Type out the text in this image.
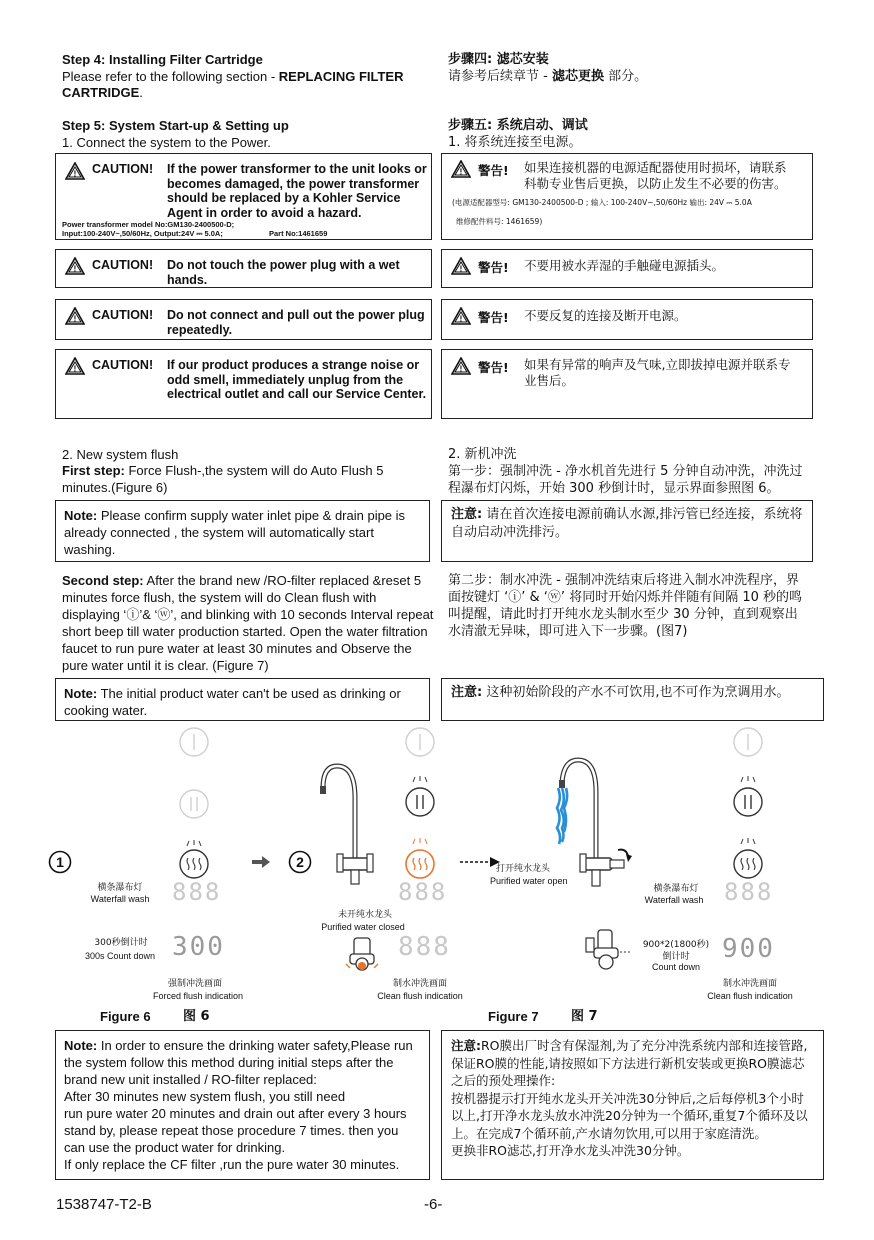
Step 4: Installing Filter Cartridge
Please refer to the following section - REPLACING FILTER CARTRIDGE.
Step 5: System Start-up & Setting up
1. Connect the system to the Power.
! CAUTION! If the power transformer to the unit looks or becomes damaged, the power transformer should be replaced by a Kohler Service Agent in order to avoid a hazard.
Power transformer model No:GM130-2400500-D;
Input:100-240V~,50/60Hz, Output:24V ⎓ 5.0A;	Part No:1461659
! CAUTION! Do not touch the power plug with a wet hands.
! CAUTION! Do not connect and pull out the power plug repeatedly.
! CAUTION! If our product produces a strange noise or odd smell, immediately unplug from the electrical outlet and call our Service Center.
2. New system flush
First step: Force Flush-,the system will do Auto Flush 5 minutes.(Figure 6)
Note: Please confirm supply water inlet pipe & drain pipe is already connected , the system will automatically start washing.
Second step: After the brand new /RO-filter replaced &reset 5 minutes force flush, the system will do Clean flush with displaying ‘ⓘ’& ‘ⓦ’, and blinking with 10 seconds Interval repeat short beep till water production started. Open the water filtration faucet to run pure water at least 30 minutes and Observe the pure water until it is clear. (Figure 7)
Note: The initial product water can't be used as drinking or cooking water.
步骤四: 滤芯安装
请参考后续章节 - 滤芯更换 部分。
步骤五: 系统启动、调试
1. 将系统连接至电源。
! 警告! 如果连接机器的电源适配器使用时损坏，请联系科勒专业售后更换，以防止发生不必要的伤害。
(电源适配器型号: GM130-2400500-D ; 输入: 100-240V~,50/60Hz 输出: 24V ⎓ 5.0A
维修配件料号: 1461659)
! 警告! 不要用被水弄湿的手触碰电源插头。
! 警告! 不要反复的连接及断开电源。
! 警告! 如果有异常的响声及气味,立即拔掉电源并联系专业售后。
2. 新机冲洗
第一步：强制冲洗 - 净水机首先进行 5 分钟自动冲洗，冲洗过程瀑布灯闪烁，开始 300 秒倒计时，显示界面参照图 6。
注意: 请在首次连接电源前确认水源,排污管已经连接，系统将自动启动冲洗排污。
第二步：制水冲洗 - 强制冲洗结束后将进入制水冲洗程序，界面按键灯 ‘ⓘ’ & ‘ⓦ’ 将同时开始闪烁并伴随有间隔 10 秒的鸣叫提醒，请此时打开纯水龙头制水至少 30 分钟，直到观察出水清澈无异味，即可进入下一步骤。(图7)
注意: 这种初始阶段的产水不可饮用,也不可作为烹调用水。
1
横条瀑布灯
Waterfall wash 888
300秒倒计时
300s Count down 300
强制冲洗画面
Forced flush indication
2
未开纯水龙头
Purified water closed
888
888
制水冲洗画面
Clean flush indication
打开纯水龙头
Purified water open
900*2(1800秒)
倒计时
Count down
900
横条瀑布灯
Waterfall wash 888
制水冲洗画面
Clean flush indication
Figure 6 图 6	Figure 7 图 7
Note: In order to ensure the drinking water safety,Please run the system follow this method during initial steps after the brand new unit installed / RO-filter replaced:
After 30 minutes new system flush, you still need
run pure water 20 minutes and drain out after every 3 hours stand by, please repeat those procedure 7 times. then you can use the product water for drinking.
If only replace the CF filter ,run the pure water 30 minutes.
注意:RO膜出厂时含有保湿剂,为了充分冲洗系统内部和连接管路,保证RO膜的性能,请按照如下方法进行新机安装或更换RO膜滤芯之后的预处理操作:
按机器提示打开纯水龙头开关冲洗30分钟后,之后每停机3个小时以上,打开净水龙头放水冲洗20分钟为一个循环,重复7个循环及以上。在完成7个循环前,产水请勿饮用,可以用于家庭清洗。
更换非RO滤芯,打开净水龙头冲洗30分钟。
1538747-T2-B	-6-
